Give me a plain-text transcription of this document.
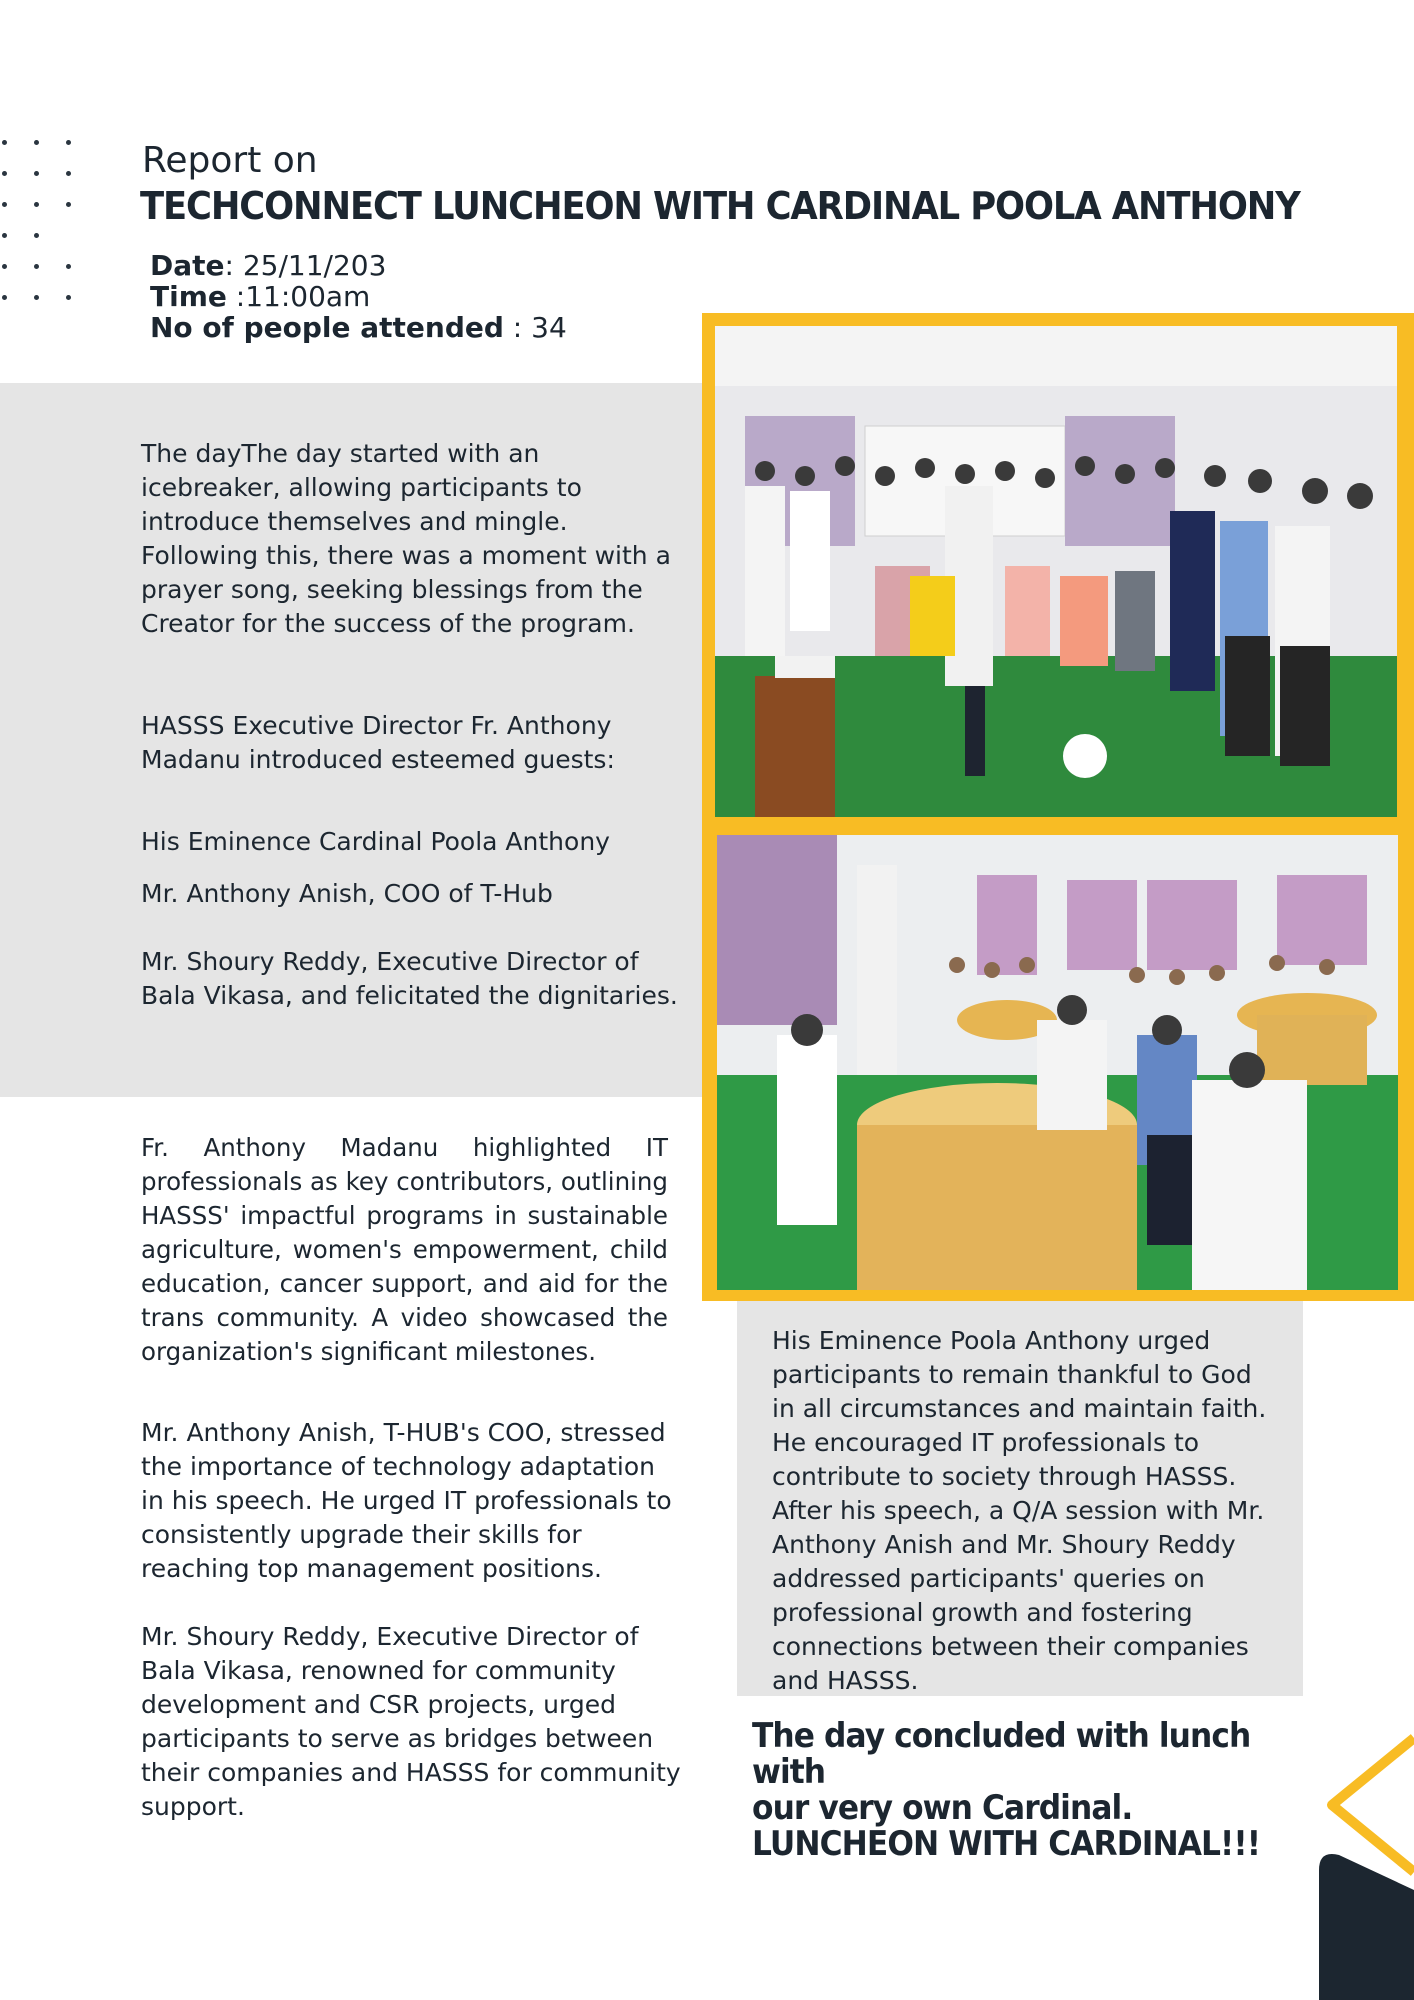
Report on
TECHCONNECT LUNCHEON WITH CARDINAL POOLA ANTHONY
Date: 25/11/203
Time :11:00am
No of people attended : 34
The dayThe day started with an icebreaker, allowing participants to introduce themselves and mingle. Following this, there was a moment with a prayer song, seeking blessings from the Creator for the success of the program.
HASSS Executive Director Fr. Anthony Madanu introduced esteemed guests:
His Eminence Cardinal Poola Anthony
Mr. Anthony Anish, COO of T-Hub
Mr. Shoury Reddy, Executive Director of Bala Vikasa, and felicitated the dignitaries.
Fr. Anthony Madanu highlighted IT professionals as key contributors, outlining HASSS' impactful programs in sustainable agriculture, women's empowerment, child education, cancer support, and aid for the trans community. A video showcased the organization's significant milestones.
Mr. Anthony Anish, T-HUB's COO, stressed the importance of technology adaptation in his speech. He urged IT professionals to consistently upgrade their skills for reaching top management positions.
Mr. Shoury Reddy, Executive Director of Bala Vikasa, renowned for community development and CSR projects, urged participants to serve as bridges between their companies and HASSS for community support.
His Eminence Poola Anthony urged participants to remain thankful to God in all circumstances and maintain faith. He encouraged IT professionals to contribute to society through HASSS. After his speech, a Q/A session with Mr. Anthony Anish and Mr. Shoury Reddy addressed participants' queries on professional growth and fostering connections between their companies and HASSS.
The day concluded with lunch with
our very own Cardinal.
LUNCHEON WITH CARDINAL!!!
